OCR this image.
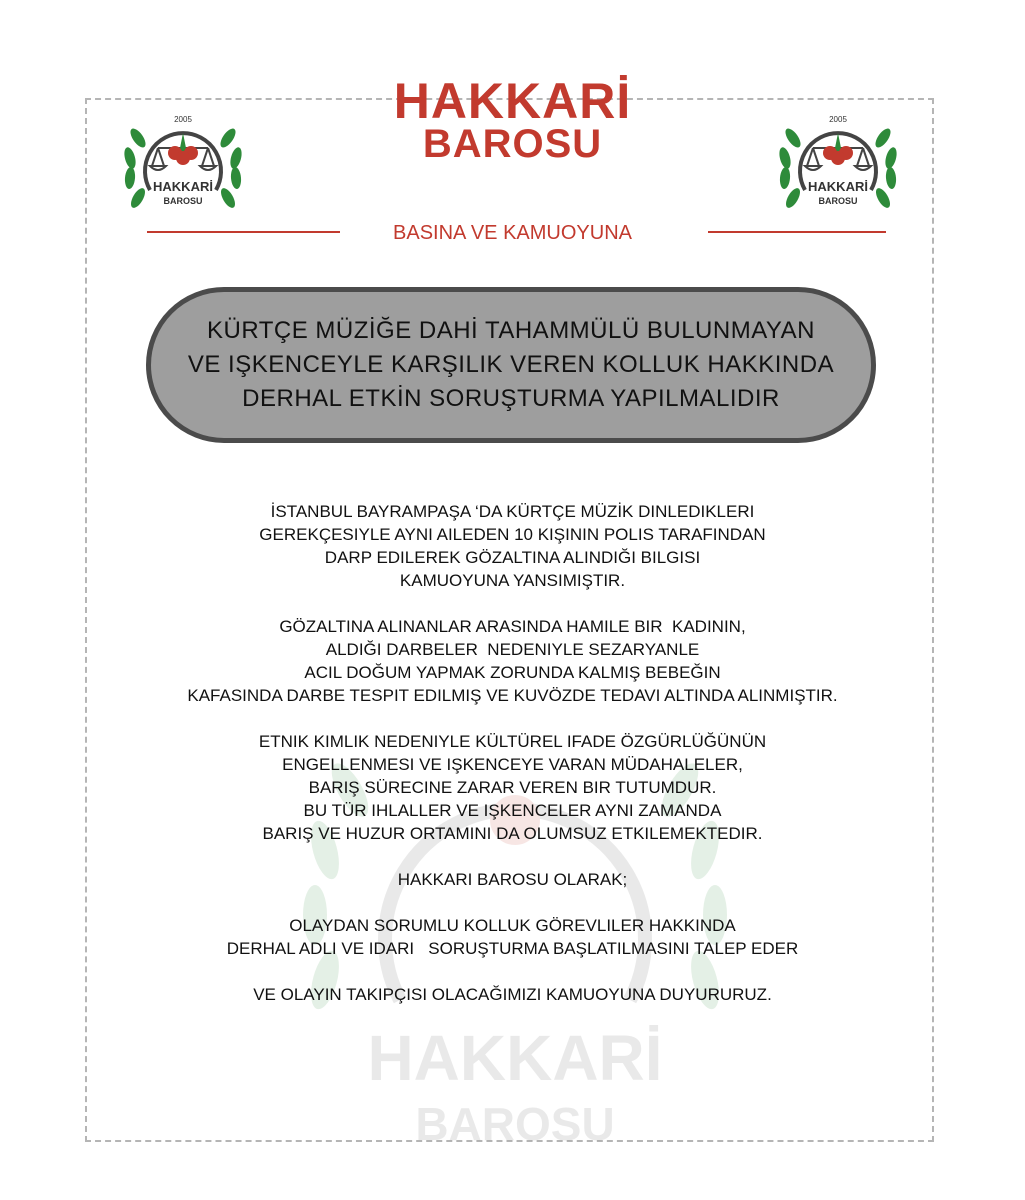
HAKKARİ
BAROSU
HAKKARİ
BAROSU
2005
HAKKARİ
BAROSU
2005
HAKKARİ
BAROSU
BASINA VE KAMUOYUNA
KÜRTÇE MÜZİĞE DAHİ TAHAMMÜLÜ BULUNMAYAN
VE IŞKENCEYLE KARŞILIK VEREN KOLLUK HAKKINDA
DERHAL ETKİN SORUŞTURMA YAPILMALIDIR
İSTANBUL BAYRAMPAŞA ‘DA KÜRTÇE MÜZİK DINLEDIKLERI
GEREKÇESIYLE AYNI AILEDEN 10 KIŞININ POLIS TARAFINDAN
DARP EDILEREK GÖZALTINA ALINDIĞI BILGISI
KAMUOYUNA YANSIMIŞTIR.
GÖZALTINA ALINANLAR ARASINDA HAMILE BIR  KADININ,
ALDIĞI DARBELER  NEDENIYLE SEZARYANLE
ACIL DOĞUM YAPMAK ZORUNDA KALMIŞ BEBEĞIN
KAFASINDA DARBE TESPIT EDILMIŞ VE KUVÖZDE TEDAVI ALTINDA ALINMIŞTIR.
ETNIK KIMLIK NEDENIYLE KÜLTÜREL IFADE ÖZGÜRLÜĞÜNÜN
ENGELLENMESI VE IŞKENCEYE VARAN MÜDAHALELER,
BARIŞ SÜRECINE ZARAR VEREN BIR TUTUMDUR.
BU TÜR IHLALLER VE IŞKENCELER AYNI ZAMANDA
BARIŞ VE HUZUR ORTAMINI DA OLUMSUZ ETKILEMEKTEDIR.
HAKKARI BAROSU OLARAK;
OLAYDAN SORUMLU KOLLUK GÖREVLILER HAKKINDA
DERHAL ADLI VE IDARI   SORUŞTURMA BAŞLATILMASINI TALEP EDER
VE OLAYIN TAKIPÇISI OLACAĞIMIZI KAMUOYUNA DUYURURUZ.
